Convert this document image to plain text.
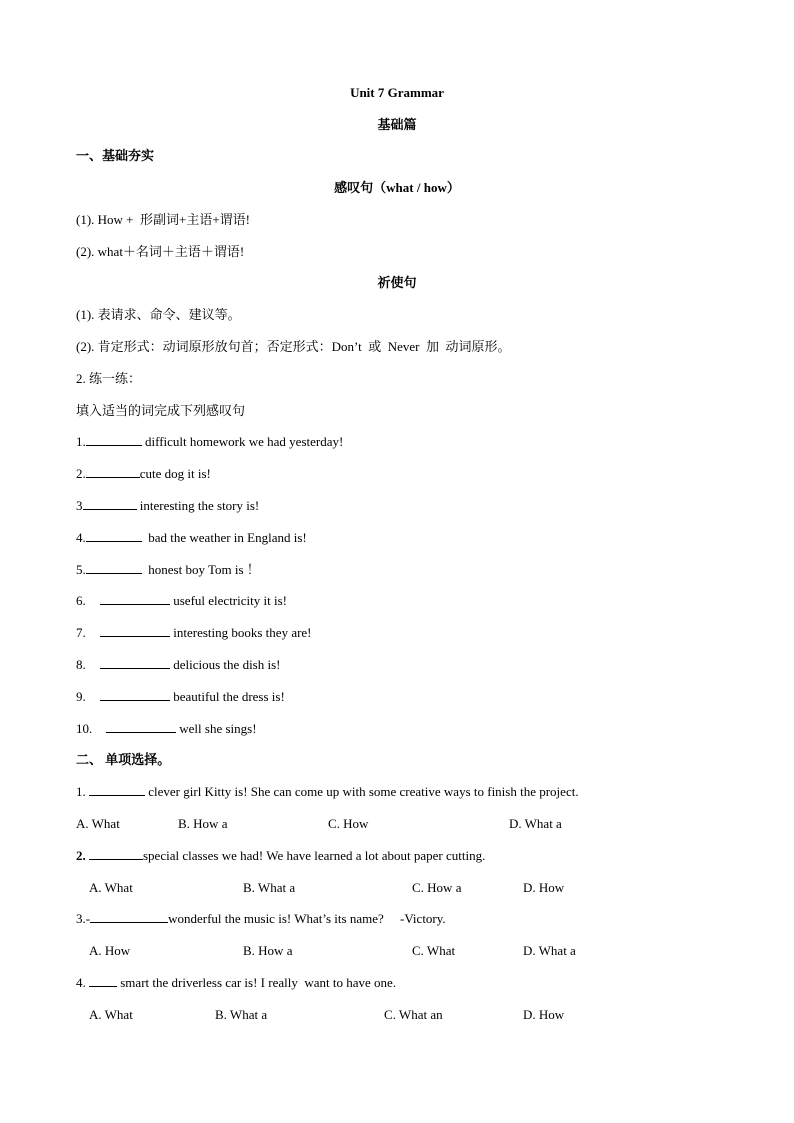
Unit 7 Grammar
基础篇
一、基础夯实
感叹句（what / how）
(1). How +  形副词+主语+谓语!
(2). what＋名词＋主语＋谓语!
祈使句
(1). 表请求、命令、建议等。
(2). 肯定形式：动词原形放句首；否定形式：Don’t  或  Never  加  动词原形。
2. 练一练：
填入适当的词完成下列感叹句
1.	difficult homework we had yesterday!
2.	cute dog it is!
3	interesting the story is!
4.	bad the weather in England is!
5.	honest boy Tom is ！
6.	useful electricity it is!
7.	interesting books they are!
8.	delicious the dish is!
9.	beautiful the dress is!
10.	well she sings!
二、 单项选择。
1.	clever girl Kitty is! She can come up with some creative ways to finish the project.
A. What	B. How a	C. How	D. What a
2.	special classes we had! We have learned a lot about paper cutting.
A. What	B. What a	C. How a	D. How
3.-	wonderful the music is! What’s its name?     -Victory.
A. How	B. How a	C. What	D. What a
4.  smart the driverless car is! I really  want to have one.
A. What	B. What a	C. What an	D. How
